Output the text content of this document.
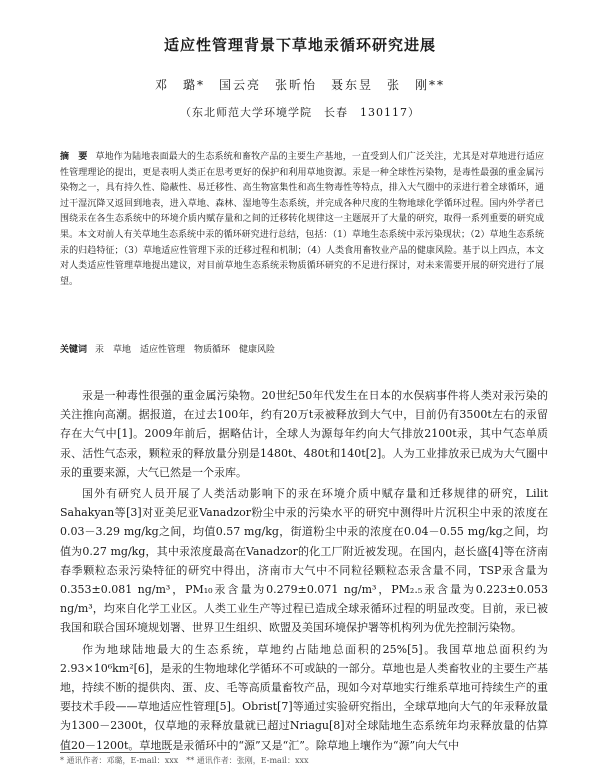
适应性管理背景下草地汞循环研究进展
邓　璐*　国云亮　张昕怡　聂东昱　张　刚**
（东北师范大学环境学院　长春　130117）
摘　要 草地作为陆地表面最大的生态系统和畜牧产品的主要生产基地，一直受到人们广泛关注，尤其是对草地进行适应性管理理论的提出，更是表明人类正在思考更好的保护和利用草地资源。汞是一种全球性污染物，是毒性最强的重金属污染物之一，具有持久性、隐蔽性、易迁移性、高生物富集性和高生物毒性等特点，排入大气圈中的汞进行着全球循环，通过干湿沉降又返回到地表，进入草地、森林、湿地等生态系统，并完成各种尺度的生物地球化学循环过程。国内外学者已围绕汞在各生态系统中的环境介质内赋存量和之间的迁移转化规律这一主题展开了大量的研究，取得一系列重要的研究成果。本文对前人有关草地生态系统中汞的循环研究进行总结，包括：（1）草地生态系统中汞污染现状；（2）草地生态系统汞的归趋特征；（3）草地适应性管理下汞的迁移过程和机制；（4）人类食用畜牧业产品的健康风险。基于以上四点，本文对人类适应性管理草地提出建议，对目前草地生态系统汞物质循环研究的不足进行探讨，对未来需要开展的研究进行了展望。
关键词 汞　草地　适应性管理　物质循环　健康风险

汞是一种毒性很强的重金属污染物。20世纪50年代发生在日本的水俣病事件将人类对汞污染的关注推向高潮。据报道，在过去100年，约有20万t汞被释放到大气中，目前仍有3500t左右的汞留存在大气中[1]。2009年前后，据略估计，全球人为源每年约向大气排放2100t汞，其中气态单质汞、活性气态汞，颗粒汞的释放量分别是1480t、480t和140t[2]。人为工业排放汞已成为大气圈中汞的重要来源，大气已然是一个汞库。

国外有研究人员开展了人类活动影响下的汞在环境介质中赋存量和迁移规律的研究，Lilit Sahakyan等[3]对亚美尼亚Vanadzor粉尘中汞的污染水平的研究中测得叶片沉积尘中汞的浓度在0.03－3.29 mg/kg之间，均值0.57 mg/kg，街道粉尘中汞的浓度在0.04－0.55 mg/kg之间，均值为0.27 mg/kg，其中汞浓度最高在Vanadzor的化工厂附近被发现。在国内，赵长盛[4]等在济南春季颗粒态汞污染特征的研究中得出，济南市大气中不同粒径颗粒态汞含量不同，TSP汞含量为0.353±0.081 ng/m³，PM₁₀汞含量为0.279±0.071 ng/m³，PM₂.₅汞含量为0.223±0.053 ng/m³，均來自化学工业区。人类工业生产等过程已造成全球汞循环过程的明显改变。目前，汞已被我国和联合国环境规划署、世界卫生组织、欧盟及美国环境保护署等机构列为优先控制污染物。

作为地球陆地最大的生态系统，草地约占陆地总面积的25%[5]。我国草地总面积约为2.93×10⁶km²[6]，是汞的生物地球化学循环不可或缺的一部分。草地也是人类畜牧业的主要生产基地，持续不断的提供肉、蛋、皮、毛等高质量畜牧产品，现如今对草地实行维系草地可持续生产的重要技术手段——草地适应性管理[5]。Obrist[7]等通过实验研究指出，全球草地向大气的年汞释放量为1300－2300t，仅草地的汞释放量就已超过Nriagu[8]对全球陆地生态系统年均汞释放量的估算值20－1200t。草地既是汞循环中的“源”又是“汇”。除草地上壤作为“源”向大气中

* 通讯作者：邓璐，E-mail：xxx　** 通讯作者：张刚，E-mail：xxx
